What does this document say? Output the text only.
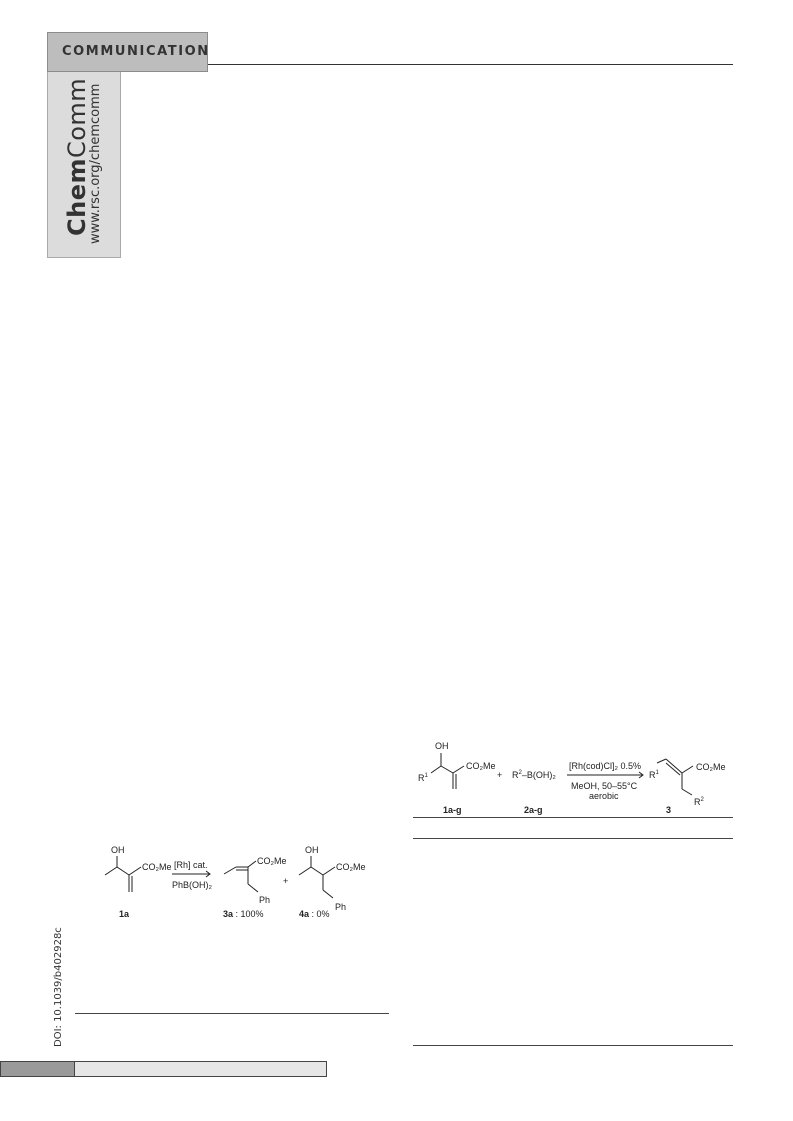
COMMUNICATION
ChemComm
www.rsc.org/chemcomm
OH
CO₂Me [Rh] cat.
PhB(OH)₂
CO₂Me
Ph
+
OH
CO₂Me
Ph
1a	3a : 100%	4a : 0%
DOI: 10.1039/b402928c
OH
$R^1$
CO₂Me
+ $R^2-B(OH)_2$
[Rh(cod)Cl]₂ 0.5%
MeOH, 50–55°C
aerobic
$R^1$
CO₂Me
$R^2$
1a-g	2a-g	3
